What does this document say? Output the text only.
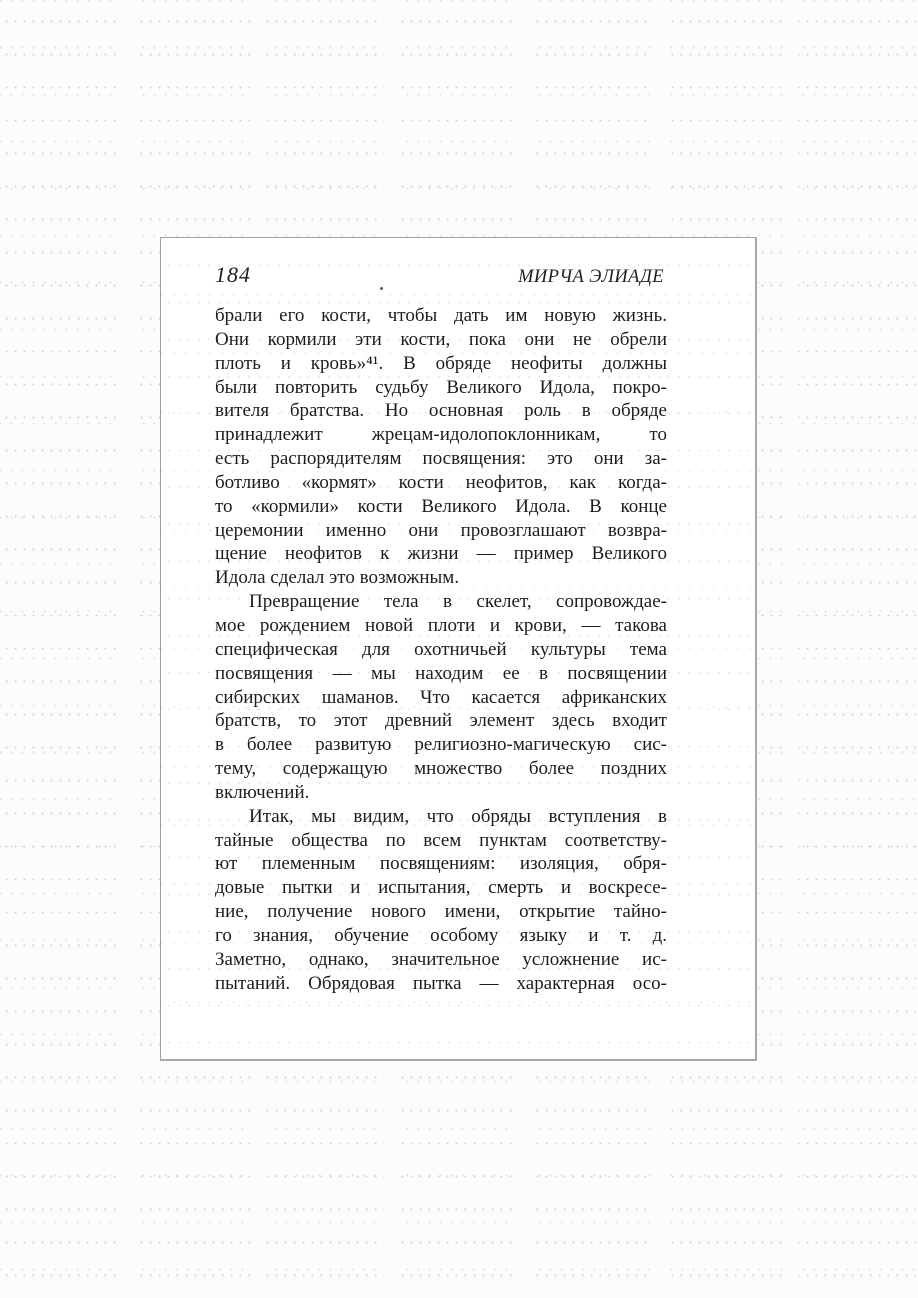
184	МИРЧА ЭЛИАДЕ
брали его кости, чтобы дать им новую жизнь.
Они кормили эти кости, пока они не обрели
плоть и кровь»⁴¹. В обряде неофиты должны
были повторить судьбу Великого Идола, покро-
вителя братства. Но основная роль в обряде
принадлежит жрецам-идолопоклонникам, то
есть распорядителям посвящения: это они за-
ботливо «кормят» кости неофитов, как когда-
то «кормили» кости Великого Идола. В конце
церемонии именно они провозглашают возвра-
щение неофитов к жизни — пример Великого
Идола сделал это возможным.
Превращение тела в скелет, сопровождае-
мое рождением новой плоти и крови, — такова
специфическая для охотничьей культуры тема
посвящения — мы находим ее в посвящении
сибирских шаманов. Что касается африканских
братств, то этот древний элемент здесь входит
в более развитую религиозно-магическую сис-
тему, содержащую множество более поздних
включений.
Итак, мы видим, что обряды вступления в
тайные общества по всем пунктам соответству-
ют племенным посвящениям: изоляция, обря-
довые пытки и испытания, смерть и воскресе-
ние, получение нового имени, открытие тайно-
го знания, обучение особому языку и т. д.
Заметно, однако, значительное усложнение ис-
пытаний. Обрядовая пытка — характерная осо-
